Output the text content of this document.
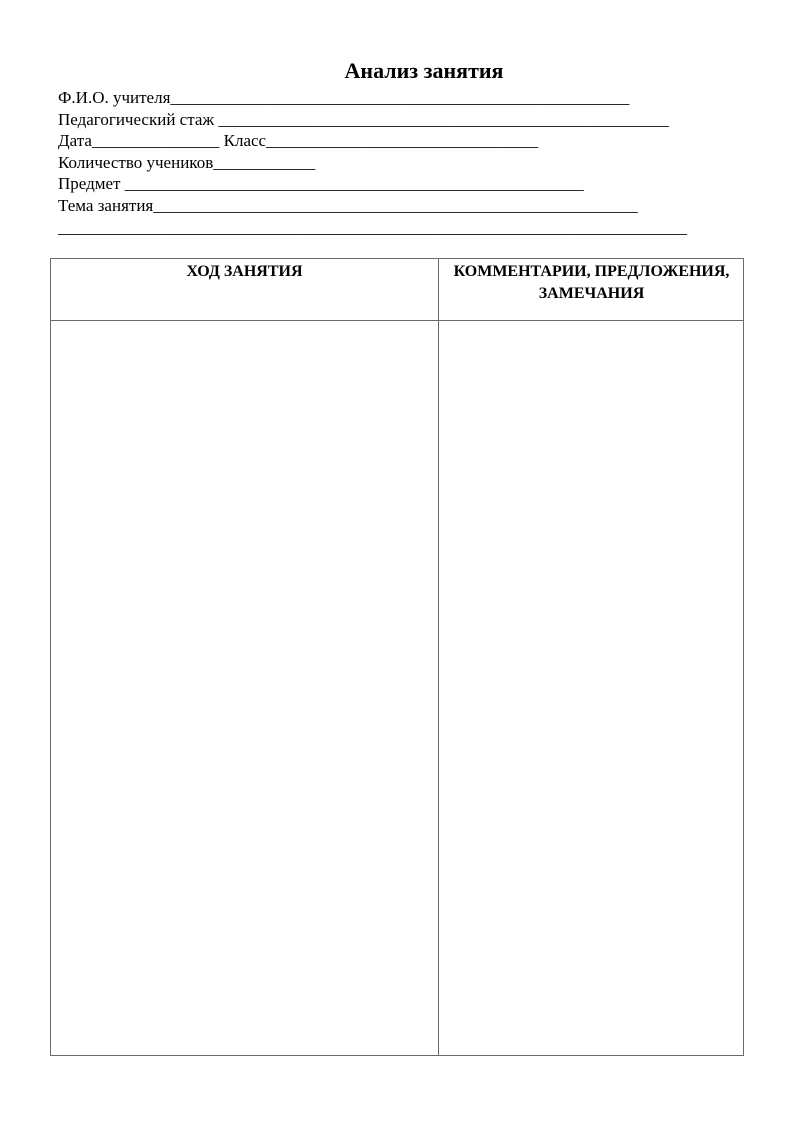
Анализ занятия
Ф.И.О. учителя______________________________________________________
Педагогический стаж _____________________________________________________
Дата_______________ Класс________________________________
Количество учеников____________
Предмет ______________________________________________________
Тема занятия_________________________________________________________
__________________________________________________________________________
ХОД ЗАНЯТИЯ	КОММЕНТАРИИ, ПРЕДЛОЖЕНИЯ, ЗАМЕЧАНИЯ
